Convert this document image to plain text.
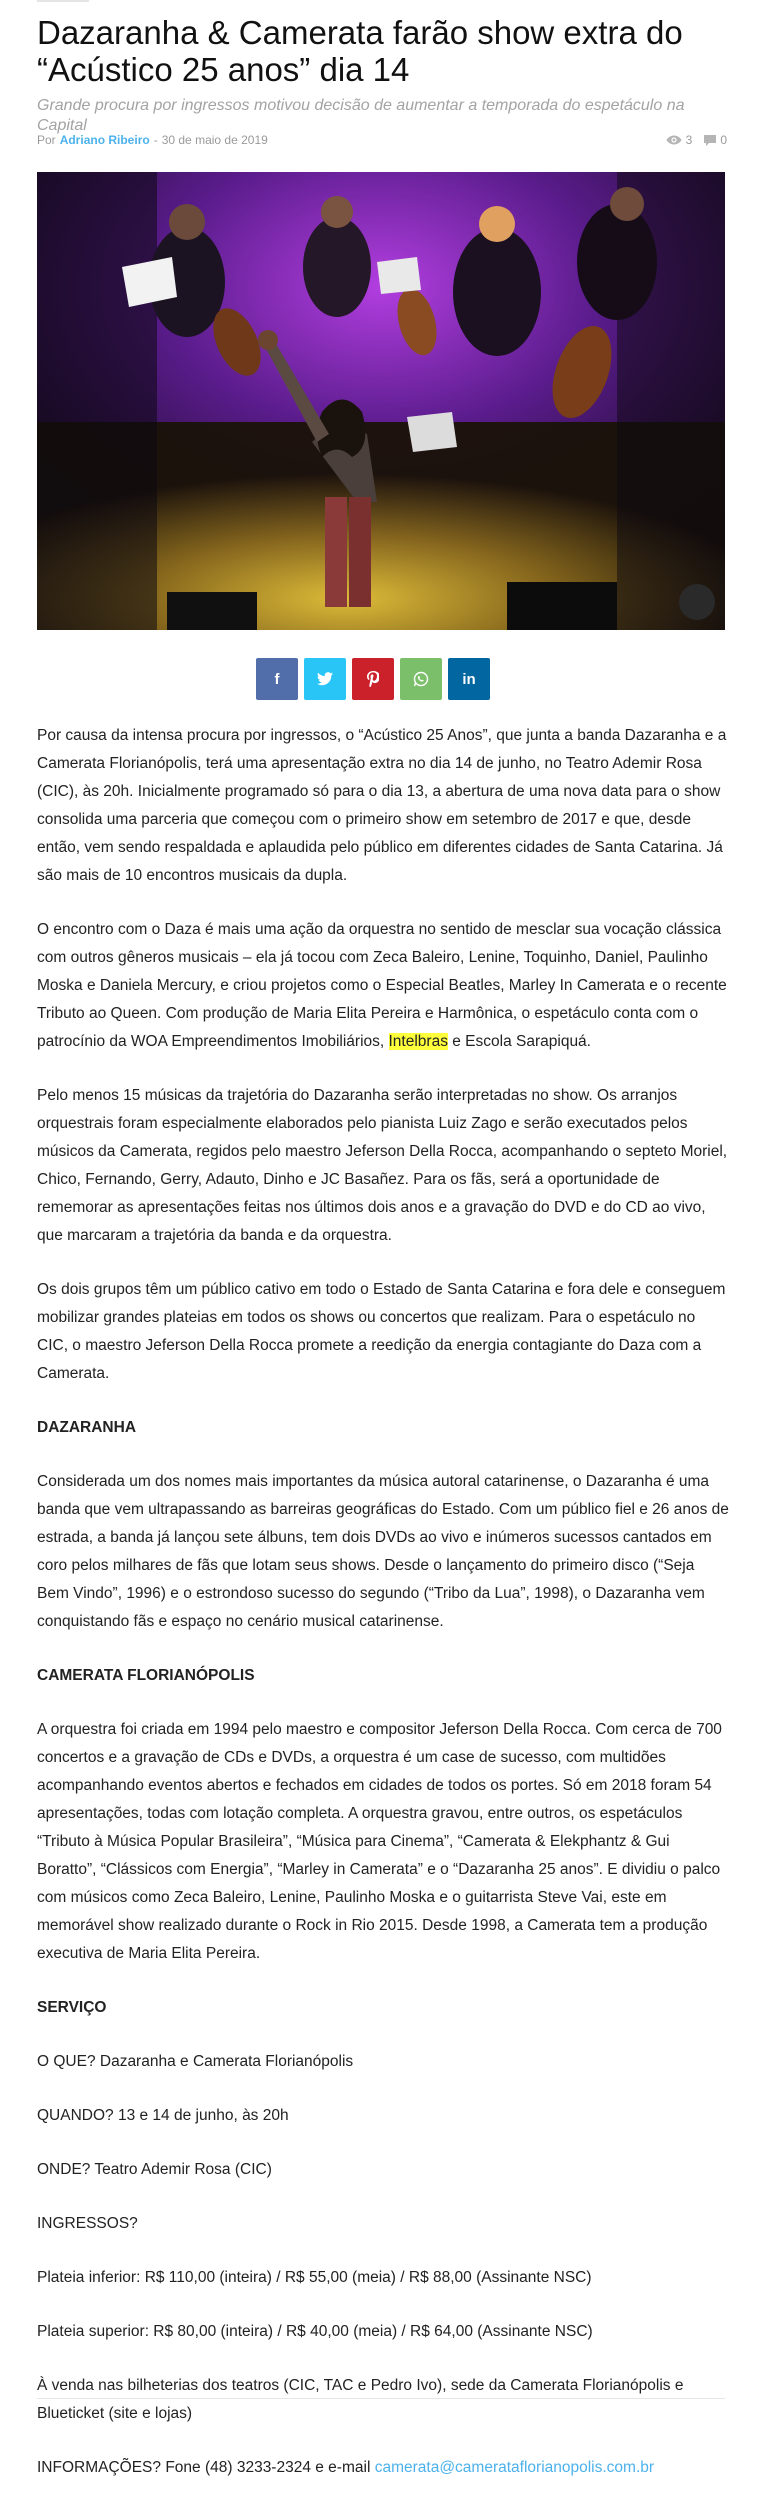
Dazaranha & Camerata farão show extra do “Acústico 25 anos” dia 14

Grande procura por ingressos motivou decisão de aumentar a temporada do espetáculo na Capital

Por Adriano Ribeiro - 30 de maio de 2019	3 0
f	in

Por causa da intensa procura por ingressos, o “Acústico 25 Anos”, que junta a banda Dazaranha e a Camerata Florianópolis, terá uma apresentação extra no dia 14 de junho, no Teatro Ademir Rosa (CIC), às 20h. Inicialmente programado só para o dia 13, a abertura de uma nova data para o show consolida uma parceria que começou com o primeiro show em setembro de 2017 e que, desde então, vem sendo respaldada e aplaudida pelo público em diferentes cidades de Santa Catarina. Já são mais de 10 encontros musicais da dupla.

O encontro com o Daza é mais uma ação da orquestra no sentido de mesclar sua vocação clássica com outros gêneros musicais – ela já tocou com Zeca Baleiro, Lenine, Toquinho, Daniel, Paulinho Moska e Daniela Mercury, e criou projetos como o Especial Beatles, Marley In Camerata e o recente Tributo ao Queen. Com produção de Maria Elita Pereira e Harmônica, o espetáculo conta com o patrocínio da WOA Empreendimentos Imobiliários, Intelbras e Escola Sarapiquá.

Pelo menos 15 músicas da trajetória do Dazaranha serão interpretadas no show. Os arranjos orquestrais foram especialmente elaborados pelo pianista Luiz Zago e serão executados pelos músicos da Camerata, regidos pelo maestro Jeferson Della Rocca, acompanhando o septeto Moriel, Chico, Fernando, Gerry, Adauto, Dinho e JC Basañez. Para os fãs, será a oportunidade de rememorar as apresentações feitas nos últimos dois anos e a gravação do DVD e do CD ao vivo, que marcaram a trajetória da banda e da orquestra.

Os dois grupos têm um público cativo em todo o Estado de Santa Catarina e fora dele e conseguem mobilizar grandes plateias em todos os shows ou concertos que realizam. Para o espetáculo no CIC, o maestro Jeferson Della Rocca promete a reedição da energia contagiante do Daza com a Camerata.

DAZARANHA

Considerada um dos nomes mais importantes da música autoral catarinense, o Dazaranha é uma banda que vem ultrapassando as barreiras geográficas do Estado. Com um público fiel e 26 anos de estrada, a banda já lançou sete álbuns, tem dois DVDs ao vivo e inúmeros sucessos cantados em coro pelos milhares de fãs que lotam seus shows. Desde o lançamento do primeiro disco (“Seja Bem Vindo”, 1996) e o estrondoso sucesso do segundo (“Tribo da Lua”, 1998), o Dazaranha vem conquistando fãs e espaço no cenário musical catarinense.

CAMERATA FLORIANÓPOLIS

A orquestra foi criada em 1994 pelo maestro e compositor Jeferson Della Rocca. Com cerca de 700 concertos e a gravação de CDs e DVDs, a orquestra é um case de sucesso, com multidões acompanhando eventos abertos e fechados em cidades de todos os portes. Só em 2018 foram 54 apresentações, todas com lotação completa. A orquestra gravou, entre outros, os espetáculos “Tributo à Música Popular Brasileira”, “Música para Cinema”, “Camerata & Elekphantz & Gui Boratto”, “Clássicos com Energia”, “Marley in Camerata” e o “Dazaranha 25 anos”. E dividiu o palco com músicos como Zeca Baleiro, Lenine, Paulinho Moska e o guitarrista Steve Vai, este em memorável show realizado durante o Rock in Rio 2015. Desde 1998, a Camerata tem a produção executiva de Maria Elita Pereira.

SERVIÇO

O QUE? Dazaranha e Camerata Florianópolis

QUANDO? 13 e 14 de junho, às 20h

ONDE? Teatro Ademir Rosa (CIC)

INGRESSOS?

Plateia inferior: R$ 110,00 (inteira) / R$ 55,00 (meia) / R$ 88,00 (Assinante NSC)

Plateia superior: R$ 80,00 (inteira) / R$ 40,00 (meia) / R$ 64,00 (Assinante NSC)

À venda nas bilheterias dos teatros (CIC, TAC e Pedro Ivo), sede da Camerata Florianópolis e Blueticket (site e lojas)

INFORMAÇÕES? Fone (48) 3233-2324 e e-mail camerata@camerataflorianopolis.com.br
